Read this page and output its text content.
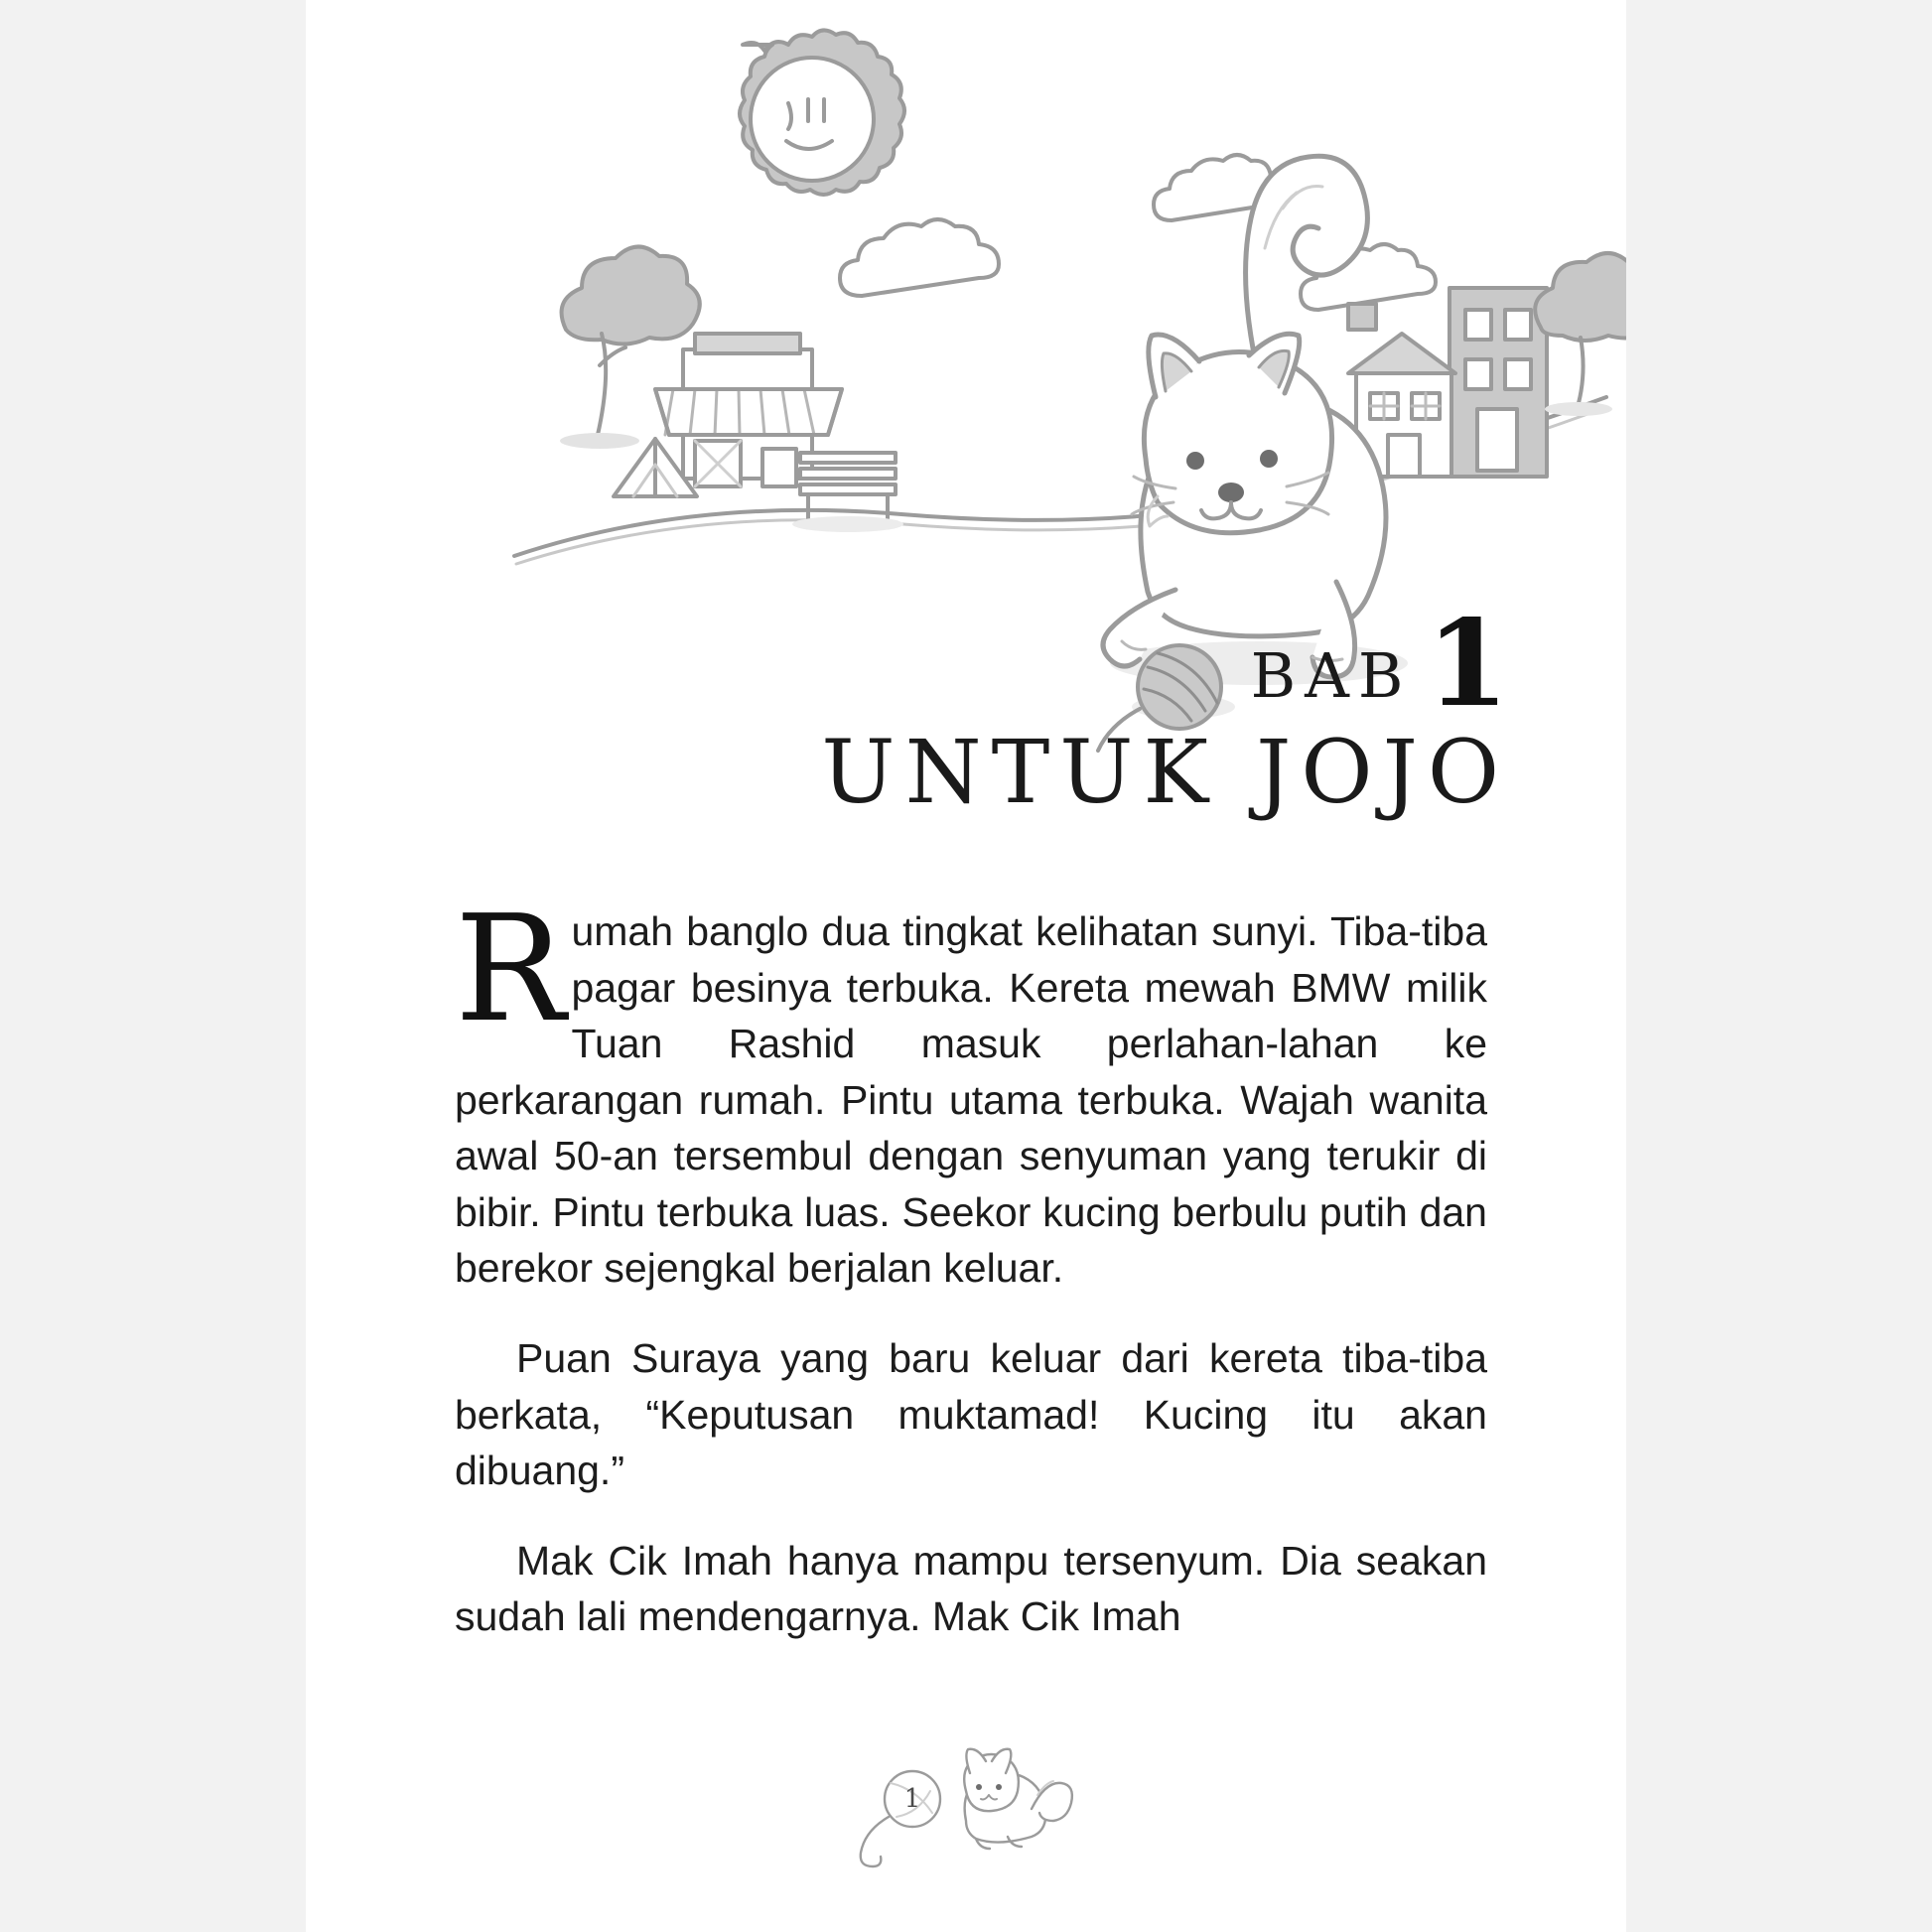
BAB 1
UNTUK JOJO

Rumah banglo dua tingkat kelihatan sunyi. Tiba-tiba pagar besinya terbuka. Kereta mewah BMW milik Tuan Rashid masuk perlahan-lahan ke perkarangan rumah. Pintu utama terbuka. Wajah wanita awal 50-an tersembul dengan senyuman yang terukir di bibir. Pintu terbuka luas. Seekor kucing berbulu putih dan berekor sejengkal berjalan keluar.

Puan Suraya yang baru keluar dari kereta tiba-tiba berkata, “Keputusan muktamad! Kucing itu akan dibuang.”

Mak Cik Imah hanya mampu tersenyum. Dia seakan sudah lali mendengarnya. Mak Cik Imah

1
